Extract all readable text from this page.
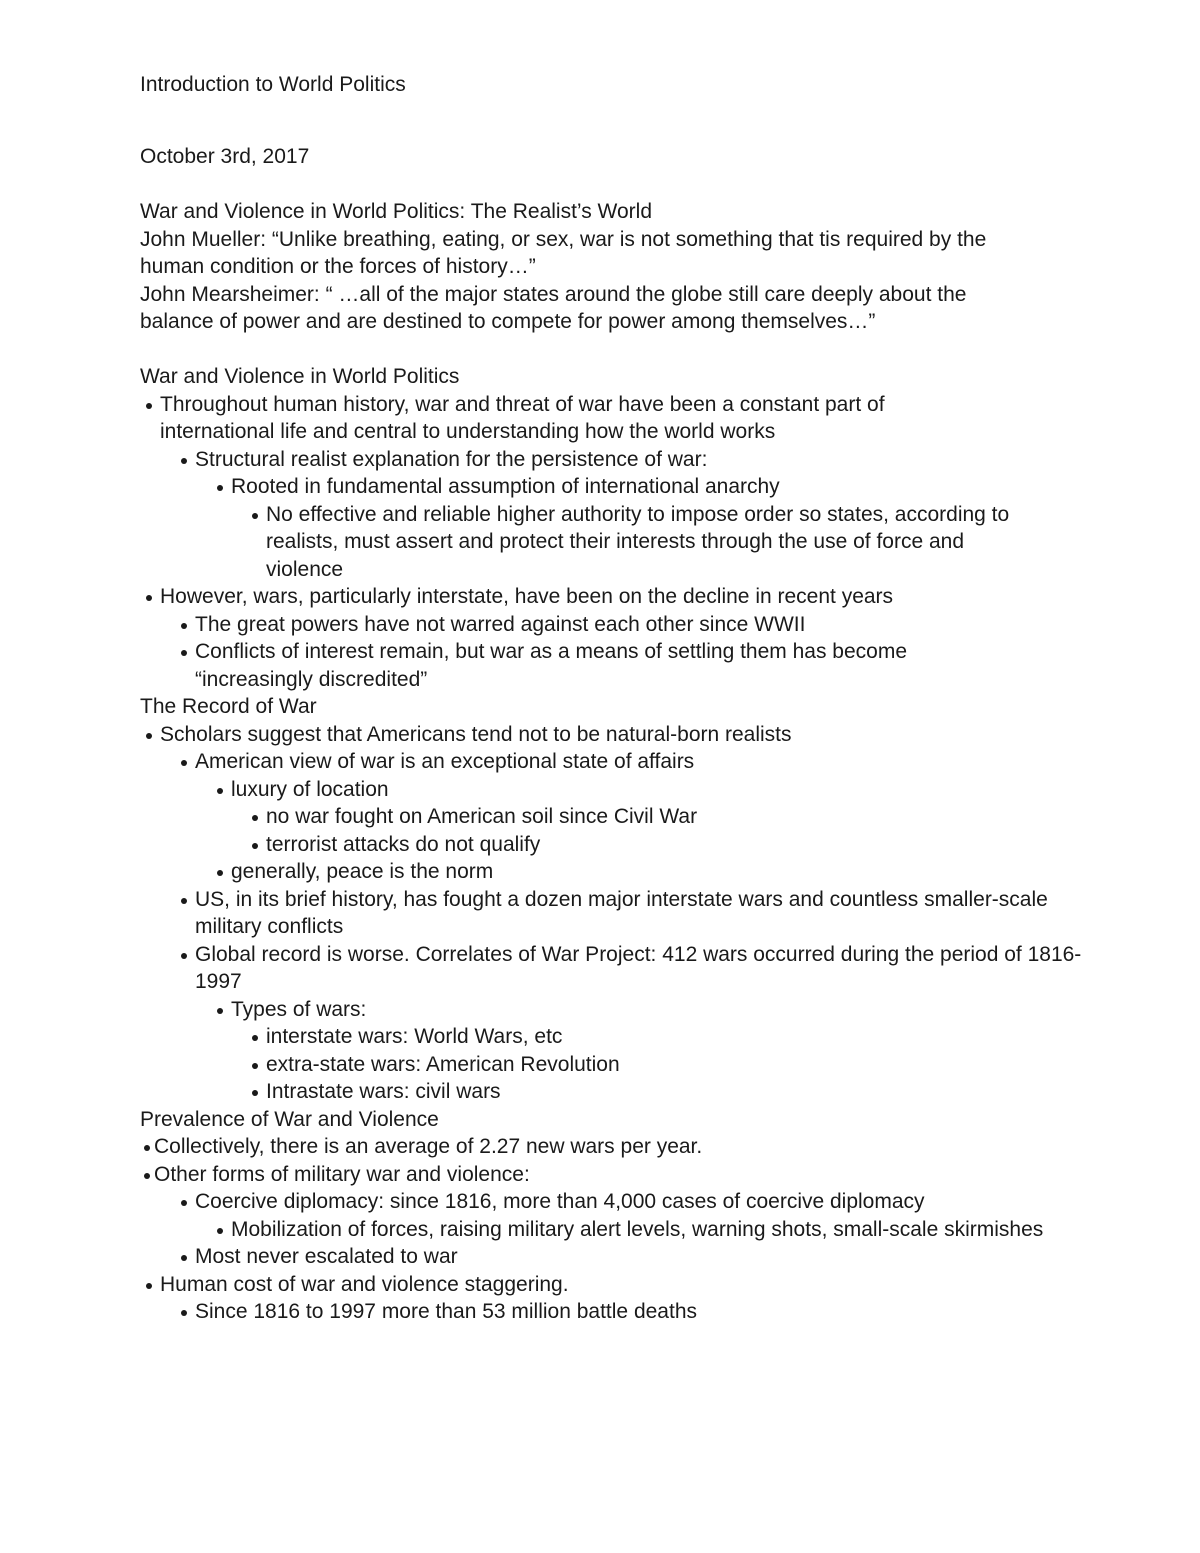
Introduction to World Politics
October 3rd, 2017
War and Violence in World Politics: The Realist’s World
John Mueller: “Unlike breathing, eating, or sex, war is not something that tis required by the
human condition or the forces of history…”
John Mearsheimer: “ …all of the major states around the globe still care deeply about the
balance of power and are destined to compete for power among themselves…”
War and Violence in World Politics
Throughout human history, war and threat of war have been a constant part of international life and central to understanding how the world works
Structural realist explanation for the persistence of war:
Rooted in fundamental assumption of international anarchy
No effective and reliable higher authority to impose order so states, according to realists, must assert and protect their interests through the use of force and violence
However, wars, particularly interstate, have been on the decline in recent years
The great powers have not warred against each other since WWII
Conflicts of interest remain, but war as a means of settling them has become “increasingly discredited”
The Record of War
Scholars suggest that Americans tend not to be natural-born realists
American view of war is an exceptional state of affairs
luxury of location
no war fought on American soil since Civil War
terrorist attacks do not qualify
generally, peace is the norm
US, in its brief history, has fought a dozen major interstate wars and countless smaller-scale military conflicts
Global record is worse. Correlates of War Project: 412 wars occurred during the period of 1816-1997
Types of wars:
interstate wars: World Wars, etc
extra-state wars: American Revolution
Intrastate wars: civil wars
Prevalence of War and Violence
Collectively, there is an average of 2.27 new wars per year.
Other forms of military war and violence:
Coercive diplomacy: since 1816, more than 4,000 cases of coercive diplomacy
Mobilization of forces, raising military alert levels, warning shots, small-scale skirmishes
Most never escalated to war
Human cost of war and violence staggering.
Since 1816 to 1997 more than 53 million battle deaths
